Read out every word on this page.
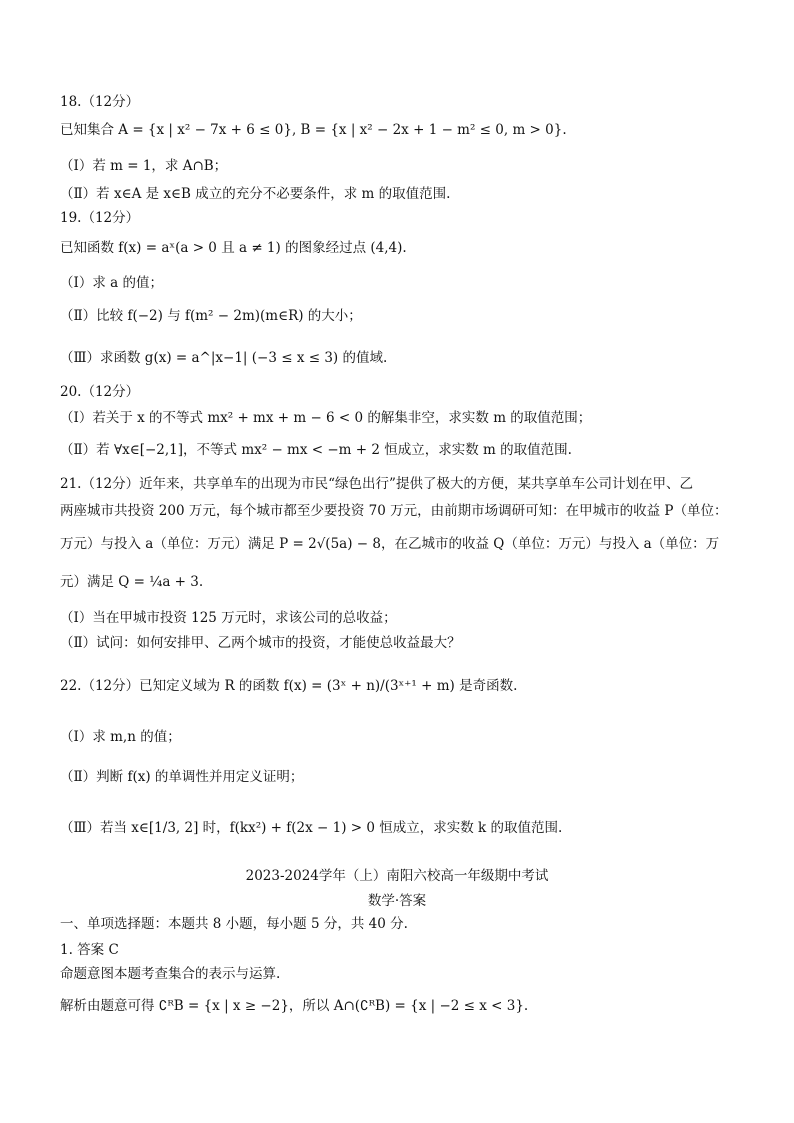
18.（12分）
已知集合 A = {x | x² − 7x + 6 ≤ 0}, B = {x | x² − 2x + 1 − m² ≤ 0, m > 0}.
（Ⅰ）若 m = 1，求 A∩B；
（Ⅱ）若 x∈A 是 x∈B 成立的充分不必要条件，求 m 的取值范围.
19.（12分）
已知函数 f(x) = aˣ(a > 0 且 a ≠ 1) 的图象经过点 (4,4).
（Ⅰ）求 a 的值；
（Ⅱ）比较 f(−2) 与 f(m² − 2m)(m∈R) 的大小；
（Ⅲ）求函数 g(x) = a^|x−1| (−3 ≤ x ≤ 3) 的值域.
20.（12分）
（Ⅰ）若关于 x 的不等式 mx² + mx + m − 6 < 0 的解集非空，求实数 m 的取值范围；
（Ⅱ）若 ∀x∈[−2,1]，不等式 mx² − mx < −m + 2 恒成立，求实数 m 的取值范围.
21.（12分）近年来，共享单车的出现为市民“绿色出行”提供了极大的方便，某共享单车公司计划在甲、乙
两座城市共投资 200 万元，每个城市都至少要投资 70 万元，由前期市场调研可知：在甲城市的收益 P（单位：
万元）与投入 a（单位：万元）满足 P = 2√(5a) − 8，在乙城市的收益 Q（单位：万元）与投入 a（单位：万
元）满足 Q = ¼a + 3.
（Ⅰ）当在甲城市投资 125 万元时，求该公司的总收益；
（Ⅱ）试问：如何安排甲、乙两个城市的投资，才能使总收益最大？
22.（12分）已知定义域为 R 的函数 f(x) = (3ˣ + n)/(3ˣ⁺¹ + m) 是奇函数.
（Ⅰ）求 m,n 的值；
（Ⅱ）判断 f(x) 的单调性并用定义证明；
（Ⅲ）若当 x∈[1/3, 2] 时，f(kx²) + f(2x − 1) > 0 恒成立，求实数 k 的取值范围.
2023-2024学年（上）南阳六校高一年级期中考试
数学·答案
一、单项选择题：本题共 8 小题，每小题 5 分，共 40 分.
1. 答案 C
命题意图本题考查集合的表示与运算.
解析由题意可得 ∁ᴿB = {x | x ≥ −2}，所以 A∩(∁ᴿB) = {x | −2 ≤ x < 3}.
